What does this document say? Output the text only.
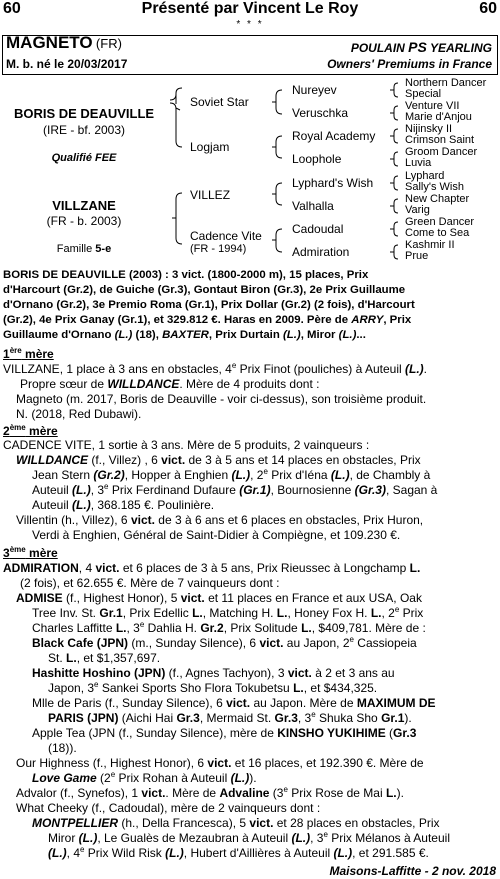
60	Présenté par Vincent Le Roy	60
* * *
MAGNETO (FR)	POULAIN PS YEARLING
M. b. né le 20/03/2017	Owners' Premiums in France
BORIS DE DEAUVILLE
(IRE - bf. 2003)
Qualifié FEE
VILLZANE
(FR - b. 2003)
Famille 5-e
Soviet Star
Logjam
VILLEZ
Cadence Vite
(FR - 1994)
Nureyev
Veruschka
Royal Academy
Loophole
Lyphard's Wish
Valhalla
Cadoudal
Admiration
Northern Dancer
Special
Venture VII
Marie d'Anjou
Nijinsky II
Crimson Saint
Groom Dancer
Luvia
Lyphard
Sally's Wish
New Chapter
Varig
Green Dancer
Come to Sea
Kashmir II
Prue
BORIS DE DEAUVILLE (2003) : 3 vict. (1800-2000 m), 15 places, Prix
d'Harcourt (Gr.2), de Guiche (Gr.3), Gontaut Biron (Gr.3), 2e Prix Guillaume
d'Ornano (Gr.2), 3e Premio Roma (Gr.1), Prix Dollar (Gr.2) (2 fois), d'Harcourt
(Gr.2), 4e Prix Ganay (Gr.1), et 329.812 €. Haras en 2009. Père de ARRY, Prix
Guillaume d'Ornano (L.) (18), BAXTER, Prix Durtain (L.), Miror (L.)...
1ère mère
VILLZANE, 1 place à 3 ans en obstacles, 4e Prix Finot (pouliches) à Auteuil (L.).
Propre sœur de WILLDANCE. Mère de 4 produits dont :
Magneto (m. 2017, Boris de Deauville - voir ci-dessus), son troisième produit.
N. (2018, Red Dubawi).
2ème mère
CADENCE VITE, 1 sortie à 3 ans. Mère de 5 produits, 2 vainqueurs :
WILLDANCE (f., Villez) , 6 vict. de 3 à 5 ans et 14 places en obstacles, Prix
Jean Stern (Gr.2), Hopper à Enghien (L.), 2e Prix d'Iéna (L.), de Chambly à
Auteuil (L.), 3e Prix Ferdinand Dufaure (Gr.1), Bournosienne (Gr.3), Sagan à
Auteuil (L.), 368.185 €. Poulinière.
Villentin (h., Villez), 6 vict. de 3 à 6 ans et 6 places en obstacles, Prix Huron,
Verdi à Enghien, Général de Saint-Didier à Compiègne, et 109.230 €.
3ème mère
ADMIRATION, 4 vict. et 6 places de 3 à 5 ans, Prix Rieussec à Longchamp L.
(2 fois), et 62.655 €. Mère de 7 vainqueurs dont :
ADMISE (f., Highest Honor), 5 vict. et 11 places en France et aux USA, Oak
Tree Inv. St. Gr.1, Prix Edellic L., Matching H. L., Honey Fox H. L., 2e Prix
Charles Laffitte L., 3e Dahlia H. Gr.2, Prix Solitude L., $409,781. Mère de :
Black Cafe (JPN) (m., Sunday Silence), 6 vict. au Japon, 2e Cassiopeia
St. L., et $1,357,697.
Hashitte Hoshino (JPN) (f., Agnes Tachyon), 3 vict. à 2 et 3 ans au
Japon, 3e Sankei Sports Sho Flora Tokubetsu L., et $434,325.
Mlle de Paris (f., Sunday Silence), 6 vict. au Japon. Mère de MAXIMUM DE
PARIS (JPN) (Aichi Hai Gr.3, Mermaid St. Gr.3, 3e Shuka Sho Gr.1).
Apple Tea (JPN (f., Sunday Silence), mère de KINSHO YUKIHIME (Gr.3
(18)).
Our Highness (f., Highest Honor), 6 vict. et 16 places, et 192.390 €. Mère de
Love Game (2e Prix Rohan à Auteuil (L.)).
Advalor (f., Synefos), 1 vict.. Mère de Advaline (3e Prix Rose de Mai L.).
What Cheeky (f., Cadoudal), mère de 2 vainqueurs dont :
MONTPELLIER (h., Della Francesca), 5 vict. et 28 places en obstacles, Prix
Miror (L.), Le Gualès de Mezaubran à Auteuil (L.), 3e Prix Mélanos à Auteuil
(L.), 4e Prix Wild Risk (L.), Hubert d'Aillières à Auteuil (L.), et 291.585 €.
Maisons-Laffitte - 2 nov. 2018
